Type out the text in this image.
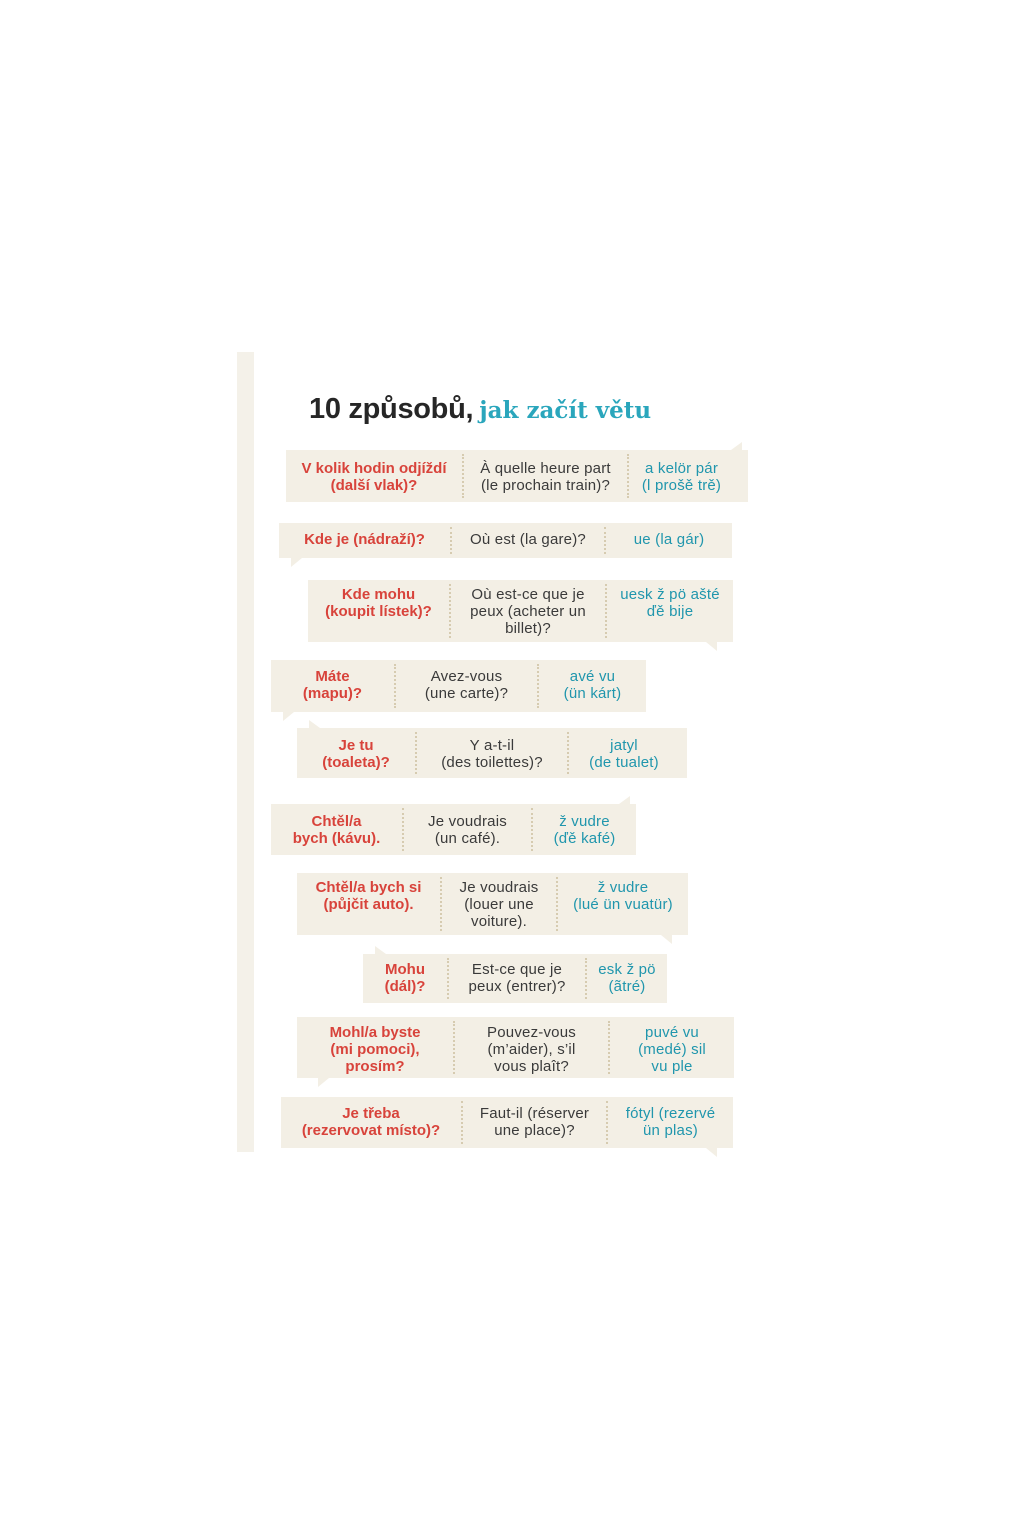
10 způsobů, jak začít větu
V kolik hodin odjíždí
(další vlak)?
À quelle heure part
(le prochain train)?
a kelör pár
(l prošě trě)
Kde je (nádraží)?	Où est (la gare)?	ue (la gár)
Kde mohu
(koupit lístek)?
Où est-ce que je
peux (acheter un
billet)?
uesk ž pö ašté
ďě bije
Máte
(mapu)?
Avez-vous
(une carte)?
avé vu
(ün kárt)
Je tu
(toaleta)?
Y a-t-il
(des toilettes)?
jatyl
(de tualet)
Chtěl/a
bych (kávu).
Je voudrais
(un café).
ž vudre
(ďě kafé)
Chtěl/a bych si
(půjčit auto).
Je voudrais
(louer une
voiture).
ž vudre
(lué ün vuatür)
Mohu
(dál)?
Est-ce que je
peux (entrer)?
esk ž pö
(ãtré)
Mohl/a byste
(mi pomoci),
prosím?
Pouvez-vous
(m’aider), s’il
vous plaît?
puvé vu
(medé) sil
vu ple
Je třeba
(rezervovat místo)?
Faut-il (réserver
une place)?
fótyl (rezervé
ün plas)
